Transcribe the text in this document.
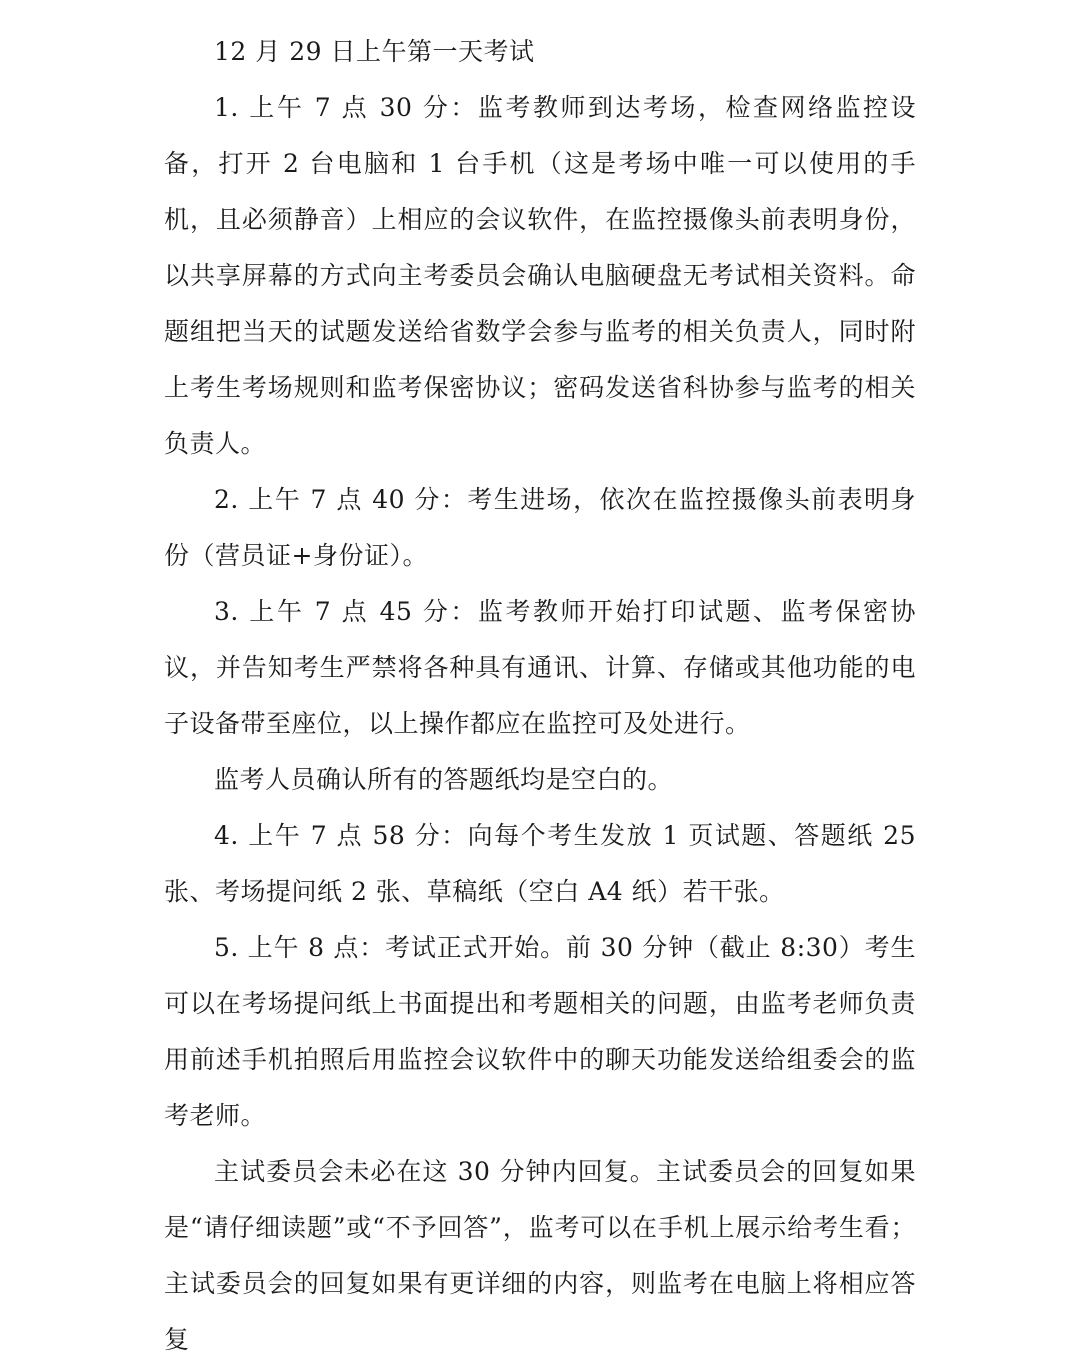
12 月 29 日上午第一天考试

1. 上午 7 点 30 分：监考教师到达考场，检查网络监控设备，打开 2 台电脑和 1 台手机（这是考场中唯一可以使用的手机，且必须静音）上相应的会议软件，在监控摄像头前表明身份，以共享屏幕的方式向主考委员会确认电脑硬盘无考试相关资料。命题组把当天的试题发送给省数学会参与监考的相关负责人，同时附上考生考场规则和监考保密协议；密码发送省科协参与监考的相关负责人。

2. 上午 7 点 40 分：考生进场，依次在监控摄像头前表明身份（营员证+身份证）。

3. 上午 7 点 45 分：监考教师开始打印试题、监考保密协议，并告知考生严禁将各种具有通讯、计算、存储或其他功能的电子设备带至座位，以上操作都应在监控可及处进行。

监考人员确认所有的答题纸均是空白的。

4. 上午 7 点 58 分：向每个考生发放 1 页试题、答题纸 25 张、考场提问纸 2 张、草稿纸（空白 A4 纸）若干张。

5. 上午 8 点：考试正式开始。前 30 分钟（截止 8:30）考生可以在考场提问纸上书面提出和考题相关的问题，由监考老师负责用前述手机拍照后用监控会议软件中的聊天功能发送给组委会的监考老师。

主试委员会未必在这 30 分钟内回复。主试委员会的回复如果是“请仔细读题”或“不予回答”，监考可以在手机上展示给考生看；主试委员会的回复如果有更详细的内容，则监考在电脑上将相应答复
